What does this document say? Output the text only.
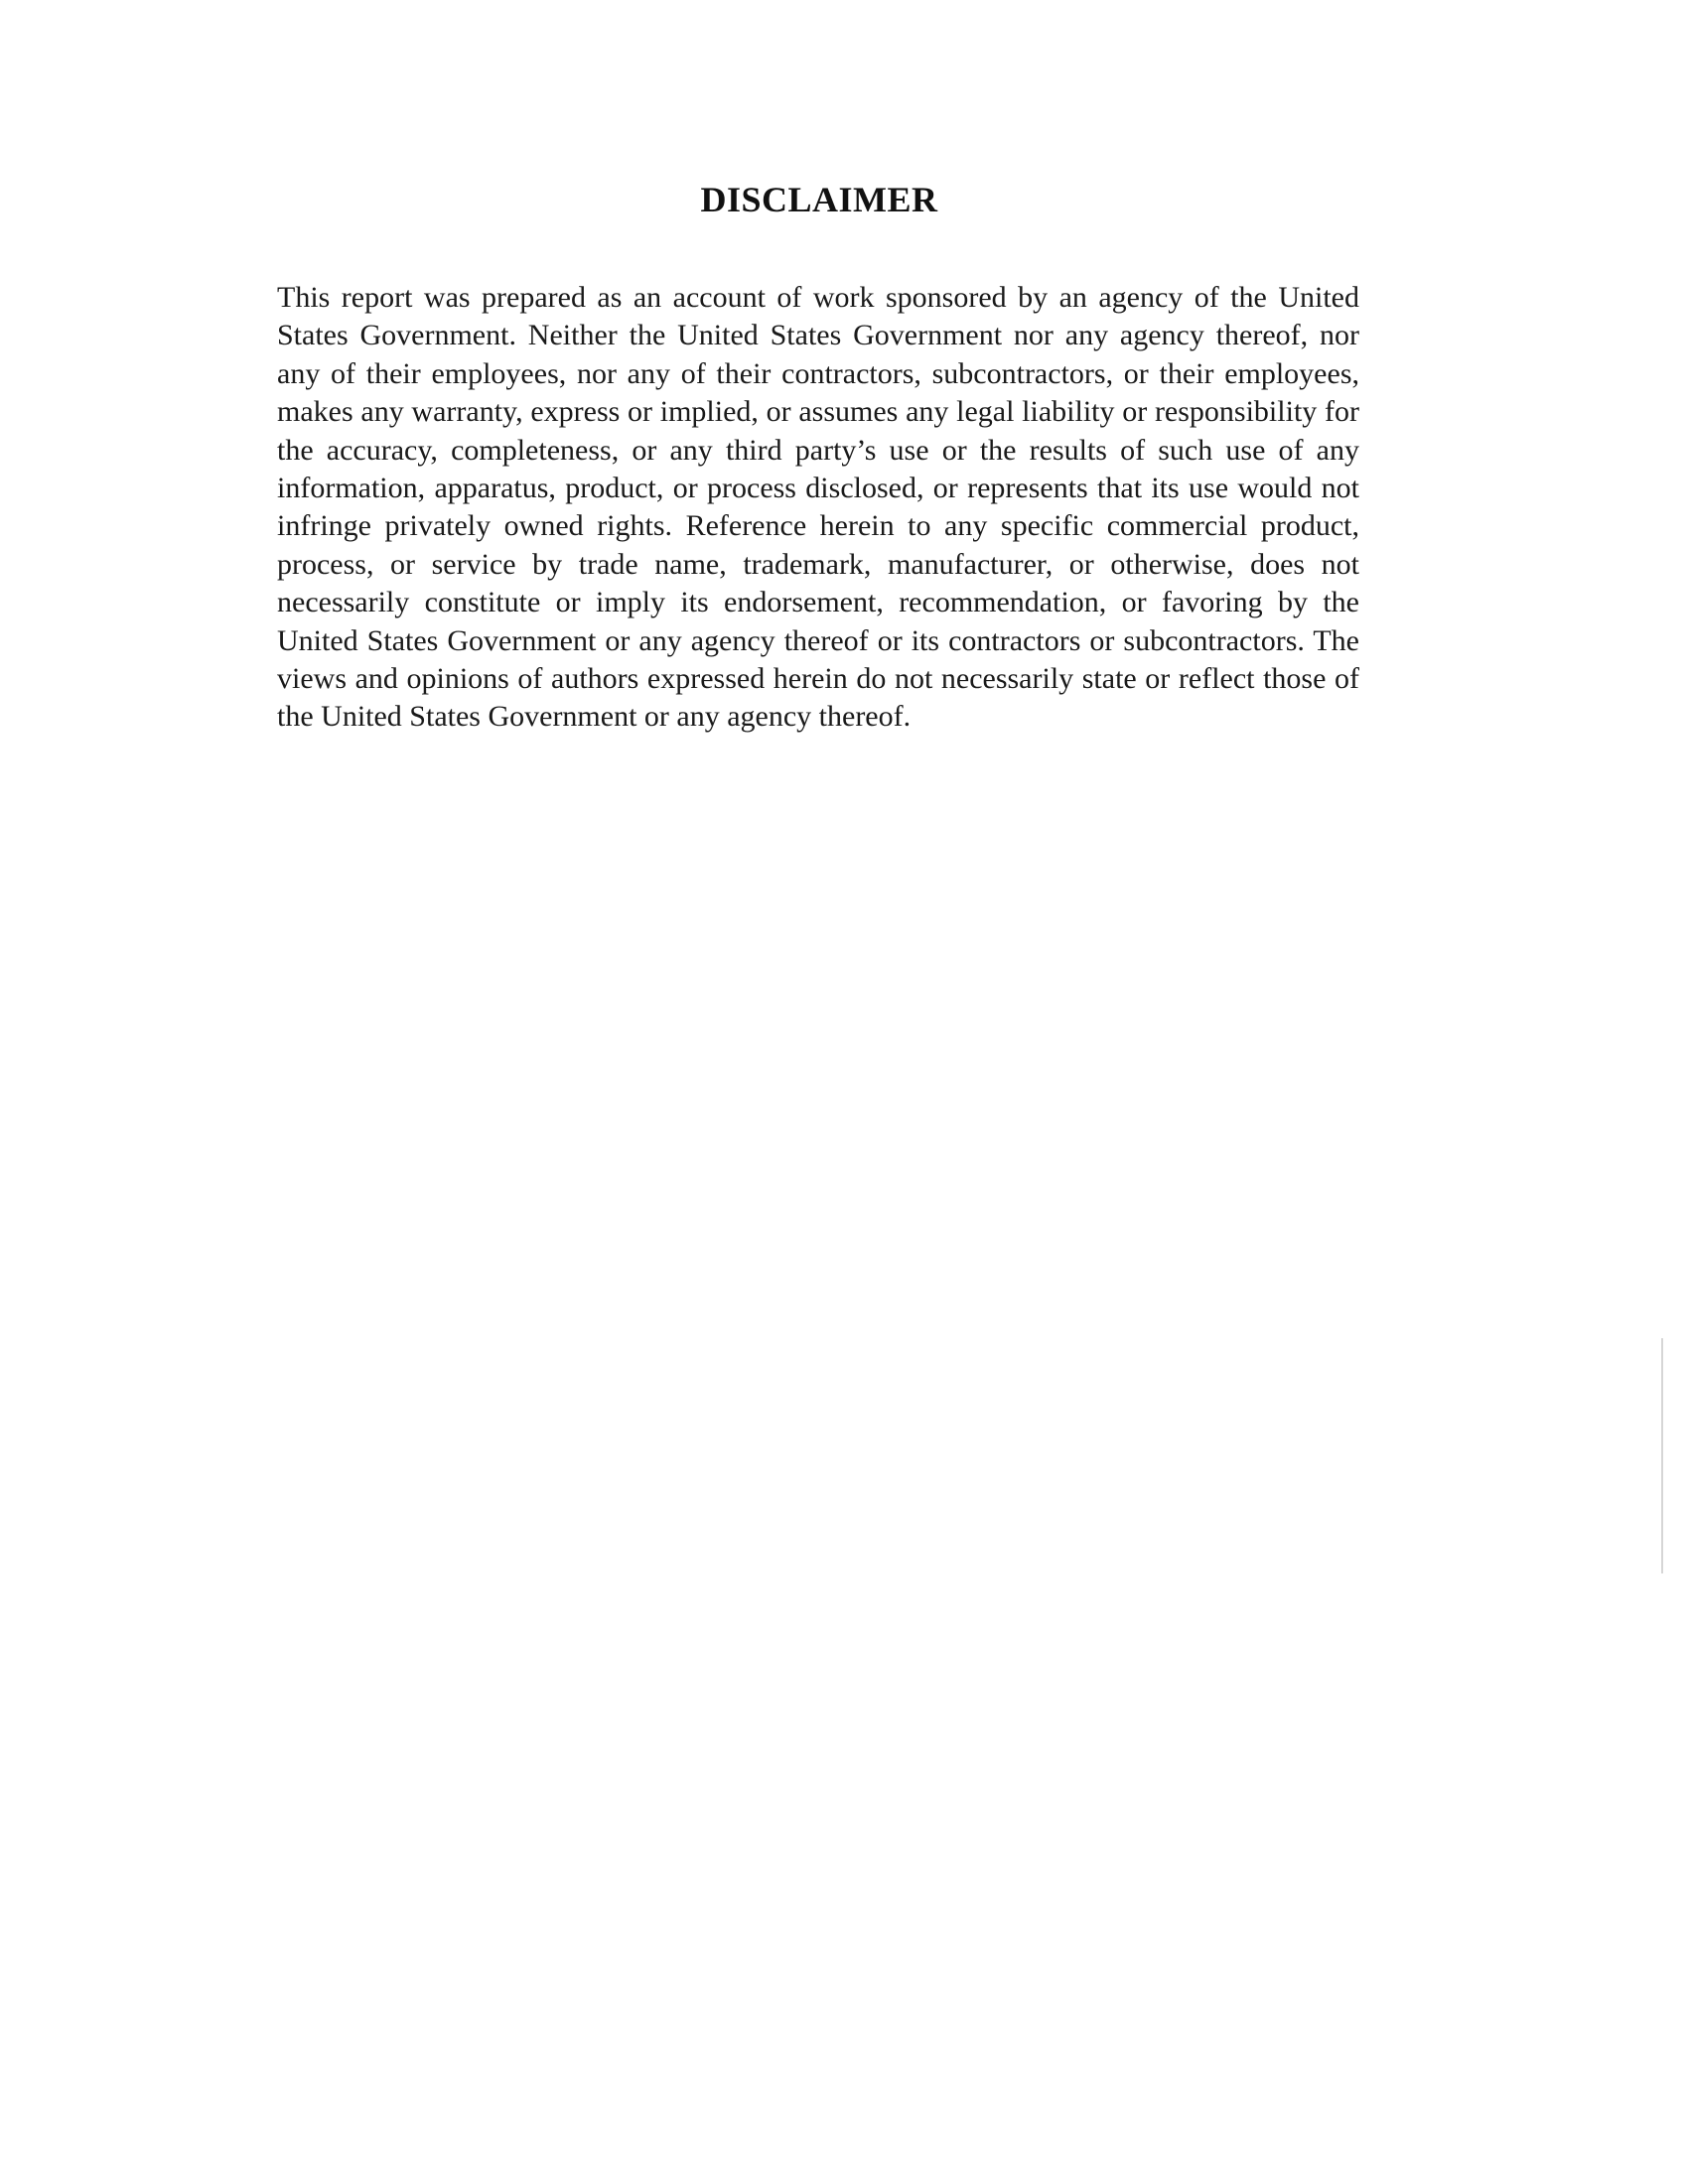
DISCLAIMER

This report was prepared as an account of work sponsored by an agency of the United States Government. Neither the United States Government nor any agency thereof, nor any of their employees, nor any of their contractors, subcontractors, or their employees, makes any warranty, express or implied, or assumes any legal liability or responsibility for the accuracy, completeness, or any third party’s use or the results of such use of any information, apparatus, product, or process disclosed, or represents that its use would not infringe privately owned rights. Reference herein to any specific commercial product, process, or service by trade name, trademark, manufacturer, or otherwise, does not necessarily constitute or imply its endorsement, recommendation, or favoring by the United States Government or any agency thereof or its contractors or subcontractors. The views and opinions of authors expressed herein do not necessarily state or reflect those of the United States Government or any agency thereof.
